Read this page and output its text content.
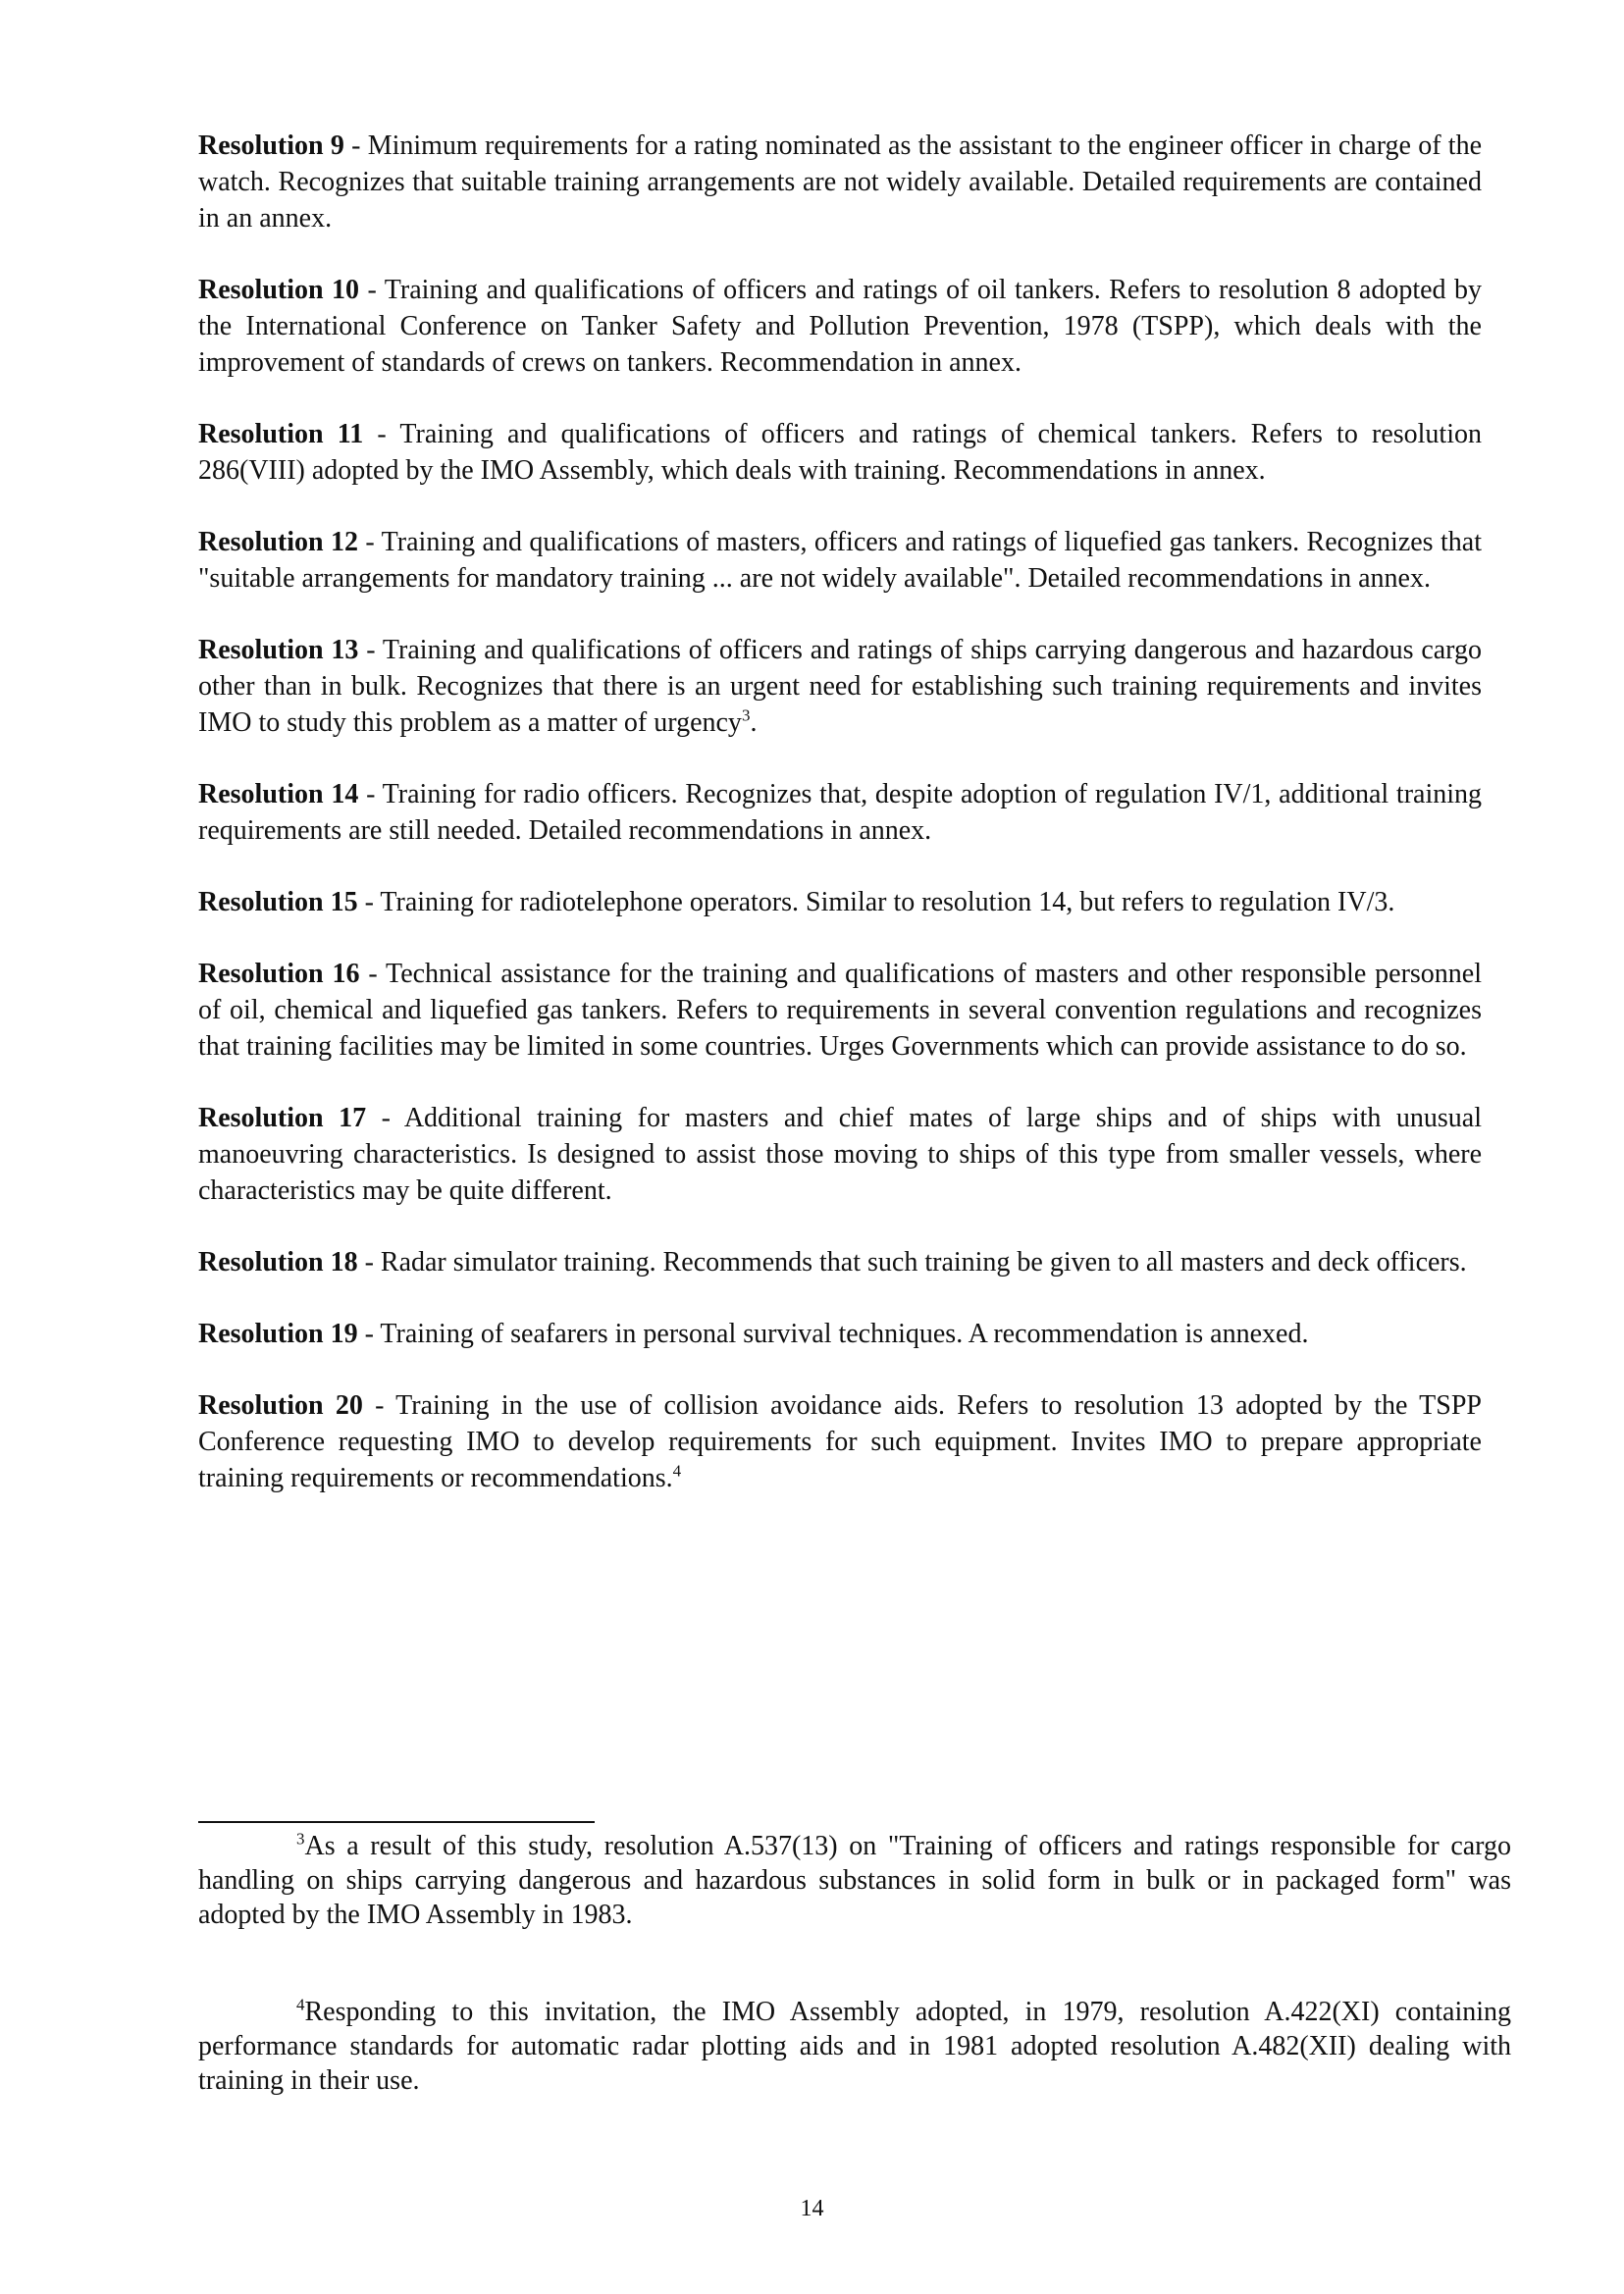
Resolution 9 - Minimum requirements for a rating nominated as the assistant to the engineer officer in charge of the watch. Recognizes that suitable training arrangements are not widely available. Detailed requirements are contained in an annex.

Resolution 10 - Training and qualifications of officers and ratings of oil tankers. Refers to resolution 8 adopted by the International Conference on Tanker Safety and Pollution Prevention, 1978 (TSPP), which deals with the improvement of standards of crews on tankers. Recommendation in annex.

Resolution 11 - Training and qualifications of officers and ratings of chemical tankers. Refers to resolution 286(VIII) adopted by the IMO Assembly, which deals with training. Recommendations in annex.

Resolution 12 - Training and qualifications of masters, officers and ratings of liquefied gas tankers. Recognizes that "suitable arrangements for mandatory training ... are not widely available". Detailed recommendations in annex.

Resolution 13 - Training and qualifications of officers and ratings of ships carrying dangerous and hazardous cargo other than in bulk. Recognizes that there is an urgent need for establishing such training requirements and invites IMO to study this problem as a matter of urgency$^3$.

Resolution 14 - Training for radio officers. Recognizes that, despite adoption of regulation IV/1, additional training requirements are still needed. Detailed recommendations in annex.

Resolution 15 - Training for radiotelephone operators. Similar to resolution 14, but refers to regulation IV/3.

Resolution 16 - Technical assistance for the training and qualifications of masters and other responsible personnel of oil, chemical and liquefied gas tankers. Refers to requirements in several convention regulations and recognizes that training facilities may be limited in some countries. Urges Governments which can provide assistance to do so.

Resolution 17 - Additional training for masters and chief mates of large ships and of ships with unusual manoeuvring characteristics. Is designed to assist those moving to ships of this type from smaller vessels, where characteristics may be quite different.

Resolution 18 - Radar simulator training. Recommends that such training be given to all masters and deck officers.

Resolution 19 - Training of seafarers in personal survival techniques. A recommendation is annexed.

Resolution 20 - Training in the use of collision avoidance aids. Refers to resolution 13 adopted by the TSPP Conference requesting IMO to develop requirements for such equipment. Invites IMO to prepare appropriate training requirements or recommendations.$^4$

$^3$As a result of this study, resolution A.537(13) on "Training of officers and ratings responsible for cargo handling on ships carrying dangerous and hazardous substances in solid form in bulk or in packaged form" was adopted by the IMO Assembly in 1983.

$^4$Responding to this invitation, the IMO Assembly adopted, in 1979, resolution A.422(XI) containing performance standards for automatic radar plotting aids and in 1981 adopted resolution A.482(XII) dealing with training in their use.

14
